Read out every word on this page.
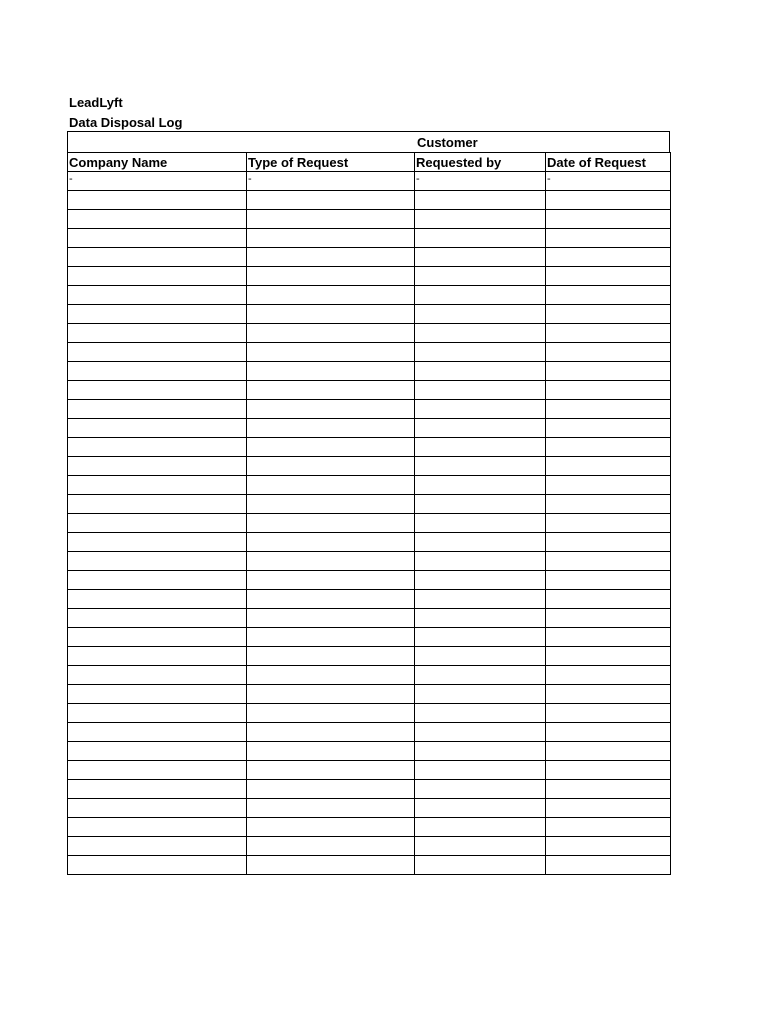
LeadLyft
Data Disposal Log
Customer
Company Name	Type of Request	Requested by	Date of Request
-	-	-	-
